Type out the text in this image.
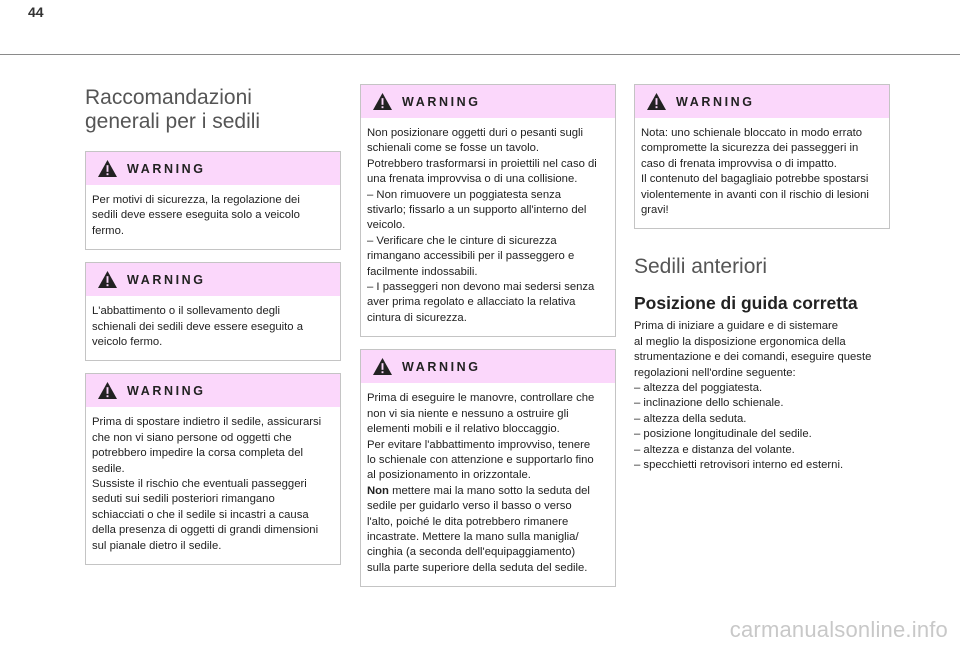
44
Raccomandazioni
generali per i sedili
WARNING

Per motivi di sicurezza, la regolazione dei

sedili deve essere eseguita solo a veicolo

fermo.

WARNING

L'abbattimento o il sollevamento degli

schienali dei sedili deve essere eseguito a

veicolo fermo.

WARNING

Prima di spostare indietro il sedile, assicurarsi

che non vi siano persone od oggetti che

potrebbero impedire la corsa completa del

sedile.

Sussiste il rischio che eventuali passeggeri

seduti sui sedili posteriori rimangano

schiacciati o che il sedile si incastri a causa

della presenza di oggetti di grandi dimensioni

sul pianale dietro il sedile.

WARNING

Non posizionare oggetti duri o pesanti sugli

schienali come se fosse un tavolo.

Potrebbero trasformarsi in proiettili nel caso di

una frenata improvvisa o di una collisione.

– Non rimuovere un poggiatesta senza

stivarlo; fissarlo a un supporto all'interno del

veicolo.

– Verificare che le cinture di sicurezza

rimangano accessibili per il passeggero e

facilmente indossabili.

– I passeggeri non devono mai sedersi senza

aver prima regolato e allacciato la relativa

cintura di sicurezza.

WARNING

Prima di eseguire le manovre, controllare che

non vi sia niente e nessuno a ostruire gli

elementi mobili e il relativo bloccaggio.

Per evitare l'abbattimento improvviso, tenere

lo schienale con attenzione e supportarlo fino

al posizionamento in orizzontale.

Non mettere mai la mano sotto la seduta del

sedile per guidarlo verso il basso o verso

l'alto, poiché le dita potrebbero rimanere

incastrate. Mettere la mano sulla maniglia/

cinghia (a seconda dell'equipaggiamento)

sulla parte superiore della seduta del sedile.

WARNING

Nota: uno schienale bloccato in modo errato

compromette la sicurezza dei passeggeri in

caso di frenata improvvisa o di impatto.

Il contenuto del bagagliaio potrebbe spostarsi

violentemente in avanti con il rischio di lesioni

gravi!

Sedili anteriori
Posizione di guida corretta

Prima di iniziare a guidare e di sistemare

al meglio la disposizione ergonomica della

strumentazione e dei comandi, eseguire queste

regolazioni nell'ordine seguente:

– altezza del poggiatesta.

– inclinazione dello schienale.

– altezza della seduta.

– posizione longitudinale del sedile.

– altezza e distanza del volante.

– specchietti retrovisori interno ed esterni.

carmanualsonline.info
